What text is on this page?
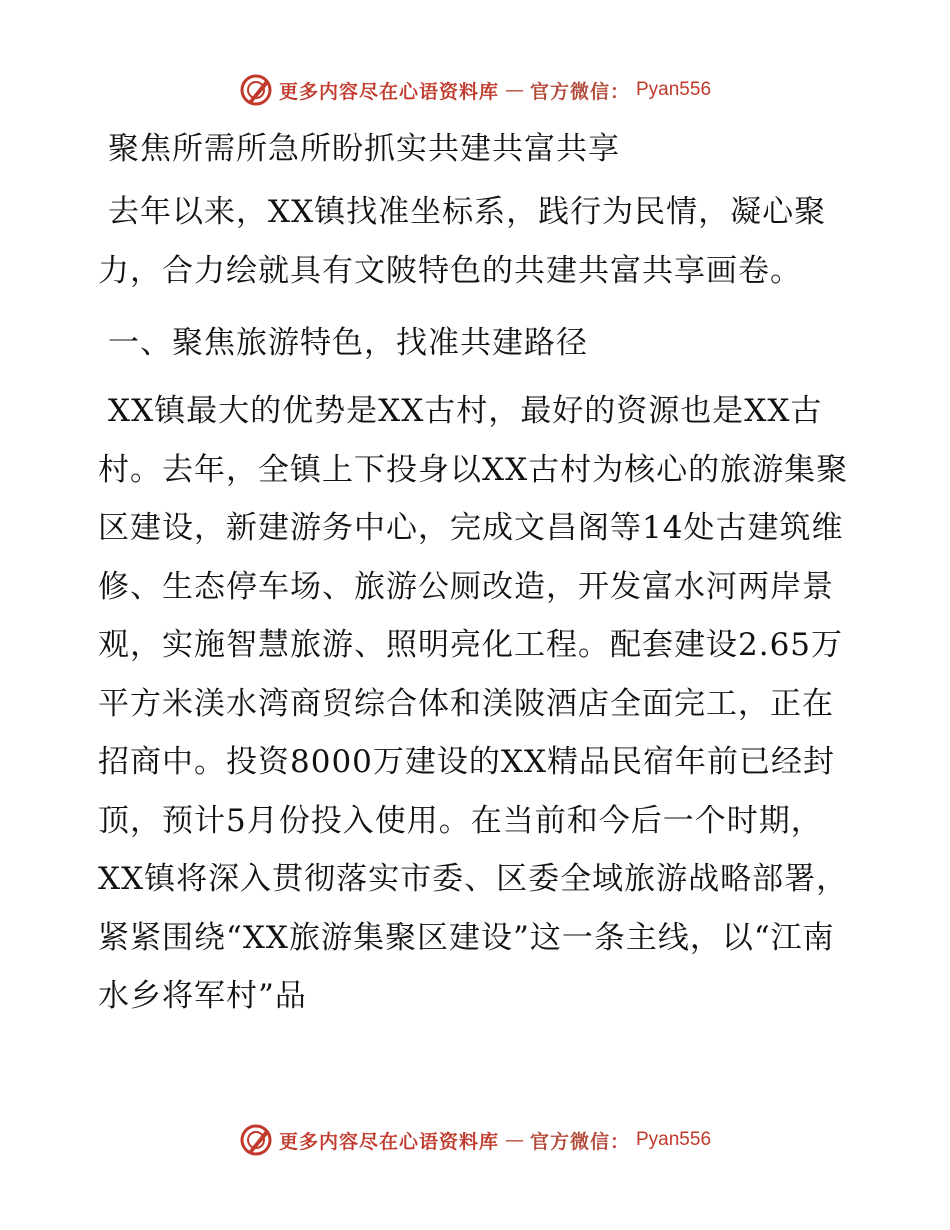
更多内容尽在心语资料库 — 官方微信： Pyan556
聚焦所需所急所盼抓实共建共富共享

去年以来，XX镇找准坐标系，践行为民情，凝心聚力，合力绘就具有文陂特色的共建共富共享画卷。

一、聚焦旅游特色，找准共建路径

XX镇最大的优势是XX古村，最好的资源也是XX古村。去年，全镇上下投身以XX古村为核心的旅游集聚区建设，新建游务中心，完成文昌阁等14处古建筑维修、生态停车场、旅游公厕改造，开发富水河两岸景观，实施智慧旅游、照明亮化工程。配套建设2.65万平方米渼水湾商贸综合体和渼陂酒店全面完工，正在招商中。投资8000万建设的XX精品民宿年前已经封顶，预计5月份投入使用。在当前和今后一个时期，XX镇将深入贯彻落实市委、区委全域旅游战略部署，紧紧围绕“XX旅游集聚区建设”这一条主线，以“江南水乡将军村”品

更多内容尽在心语资料库 — 官方微信： Pyan556
